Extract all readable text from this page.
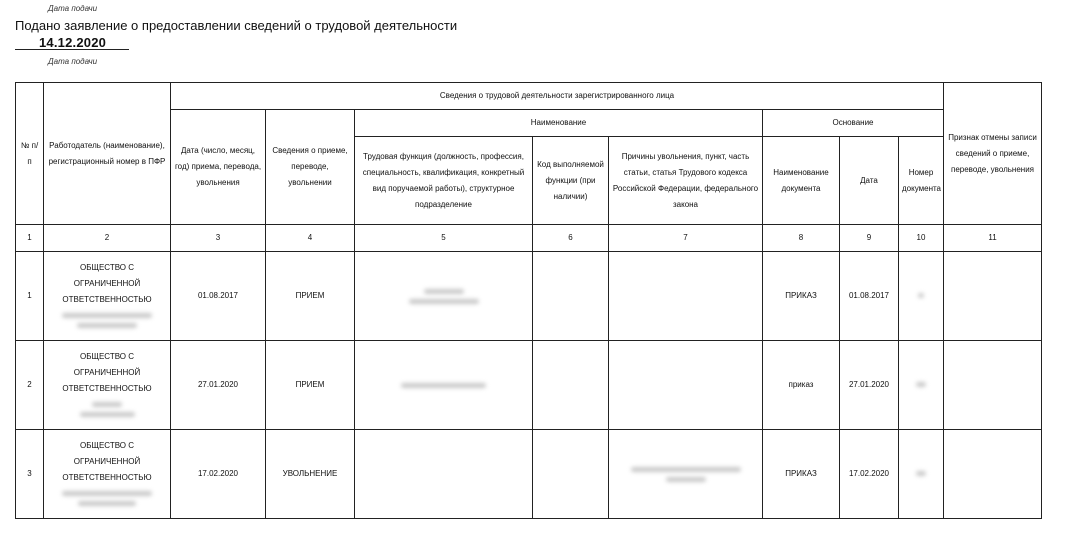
Дата подачи
Подано заявление о предоставлении сведений о трудовой деятельности
14.12.2020
Дата подачи
№ п/п	Работодатель (наименование), регистрационный номер в ПФР	Сведения о трудовой деятельности зарегистрированного лица								Признак отмены записи сведений о приеме, переводе, увольнения
		Дата (число, месяц, год) приема, перевода, увольнения	Сведения о приеме, переводе, увольнении	Наименование			Основание			
				Трудовая функция (должность, профессия, специальность, квалификация, конкретный вид поручаемой работы), структурное подразделение	Код выполняемой функции (при наличии)	Причины увольнения, пункт, часть статьи, статья Трудового кодекса Российской Федерации, федерального закона	Наименование документа	Дата	Номер документа	
1	2	3	4	5	6	7	8	9	10	11
1	ОБЩЕСТВО С
ОГРАНИЧЕННОЙ
ОТВЕТСТВЕННОСТЬЮ	01.08.2017	ПРИЕМ				ПРИКАЗ	01.08.2017		
2	ОБЩЕСТВО С
ОГРАНИЧЕННОЙ
ОТВЕТСТВЕННОСТЬЮ	27.01.2020	ПРИЕМ				приказ	27.01.2020		
3	ОБЩЕСТВО С
ОГРАНИЧЕННОЙ
ОТВЕТСТВЕННОСТЬЮ	17.02.2020	УВОЛЬНЕНИЕ				ПРИКАЗ	17.02.2020		
